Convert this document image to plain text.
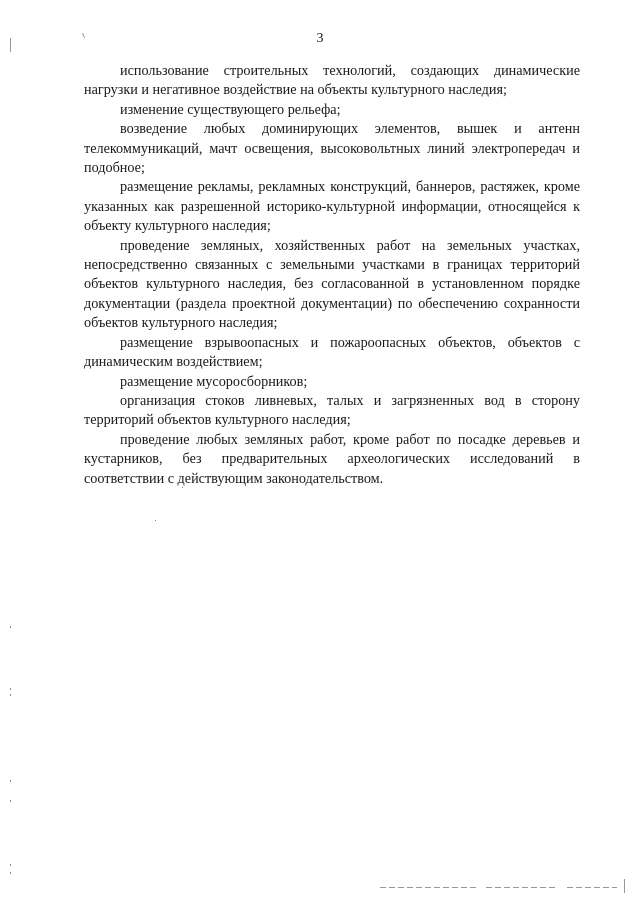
3

использование строительных технологий, создающих динамические нагрузки и негативное воздействие на объекты культурного наследия;

изменение существующего рельефа;

возведение любых доминирующих элементов, вышек и антенн телекоммуникаций, мачт освещения, высоковольтных линий электропередач и подобное;

размещение рекламы, рекламных конструкций, баннеров, растяжек, кроме указанных как разрешенной историко-культурной информации, относящейся к объекту культурного наследия;

проведение земляных, хозяйственных работ на земельных участках, непосредственно связанных с земельными участками в границах территорий объектов культурного наследия, без согласованной в установленном порядке документации (раздела проектной документации) по обеспечению сохранности объектов культурного наследия;

размещение взрывоопасных и пожароопасных объектов, объектов с динамическим воздействием;

размещение мусоросборников;

организация стоков ливневых, талых и загрязненных вод в сторону территорий объектов культурного наследия;

проведение любых земляных работ, кроме работ по посадке деревьев и кустарников, без предварительных археологических исследований в соответствии с действующим законодательством.
